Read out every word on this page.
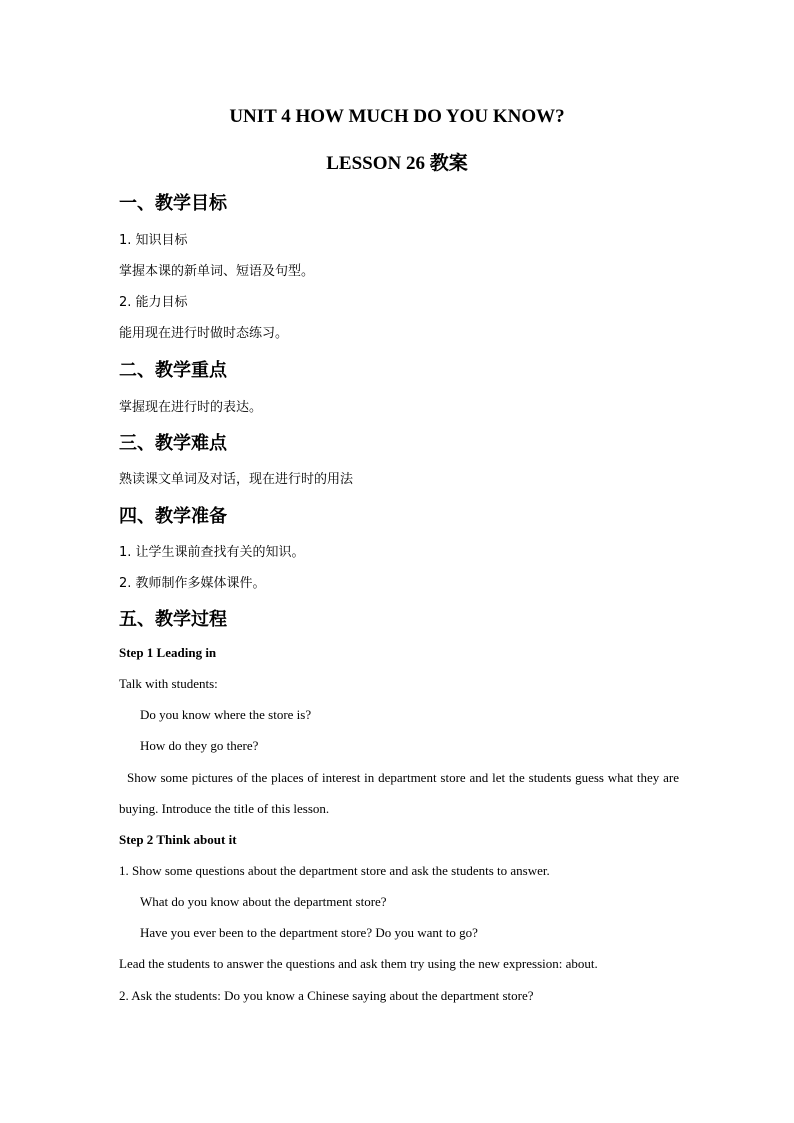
UNIT 4 HOW MUCH DO YOU KNOW?
LESSON 26 教案
一、教学目标
1. 知识目标
掌握本课的新单词、短语及句型。
2. 能力目标
能用现在进行时做时态练习。
二、教学重点
掌握现在进行时的表达。
三、教学难点
熟读课文单词及对话，现在进行时的用法
四、教学准备
1. 让学生课前查找有关的知识。
2. 教师制作多媒体课件。
五、教学过程
Step 1 Leading in
Talk with students:
Do you know where the store is?
How do they go there?
Show some pictures of the places of interest in department store and let the students guess what they are buying. Introduce the title of this lesson.
Step 2 Think about it
1. Show some questions about the department store and ask the students to answer.
What do you know about the department store?
Have you ever been to the department store? Do you want to go?
Lead the students to answer the questions and ask them try using the new expression: about.
2. Ask the students: Do you know a Chinese saying about the department store?
